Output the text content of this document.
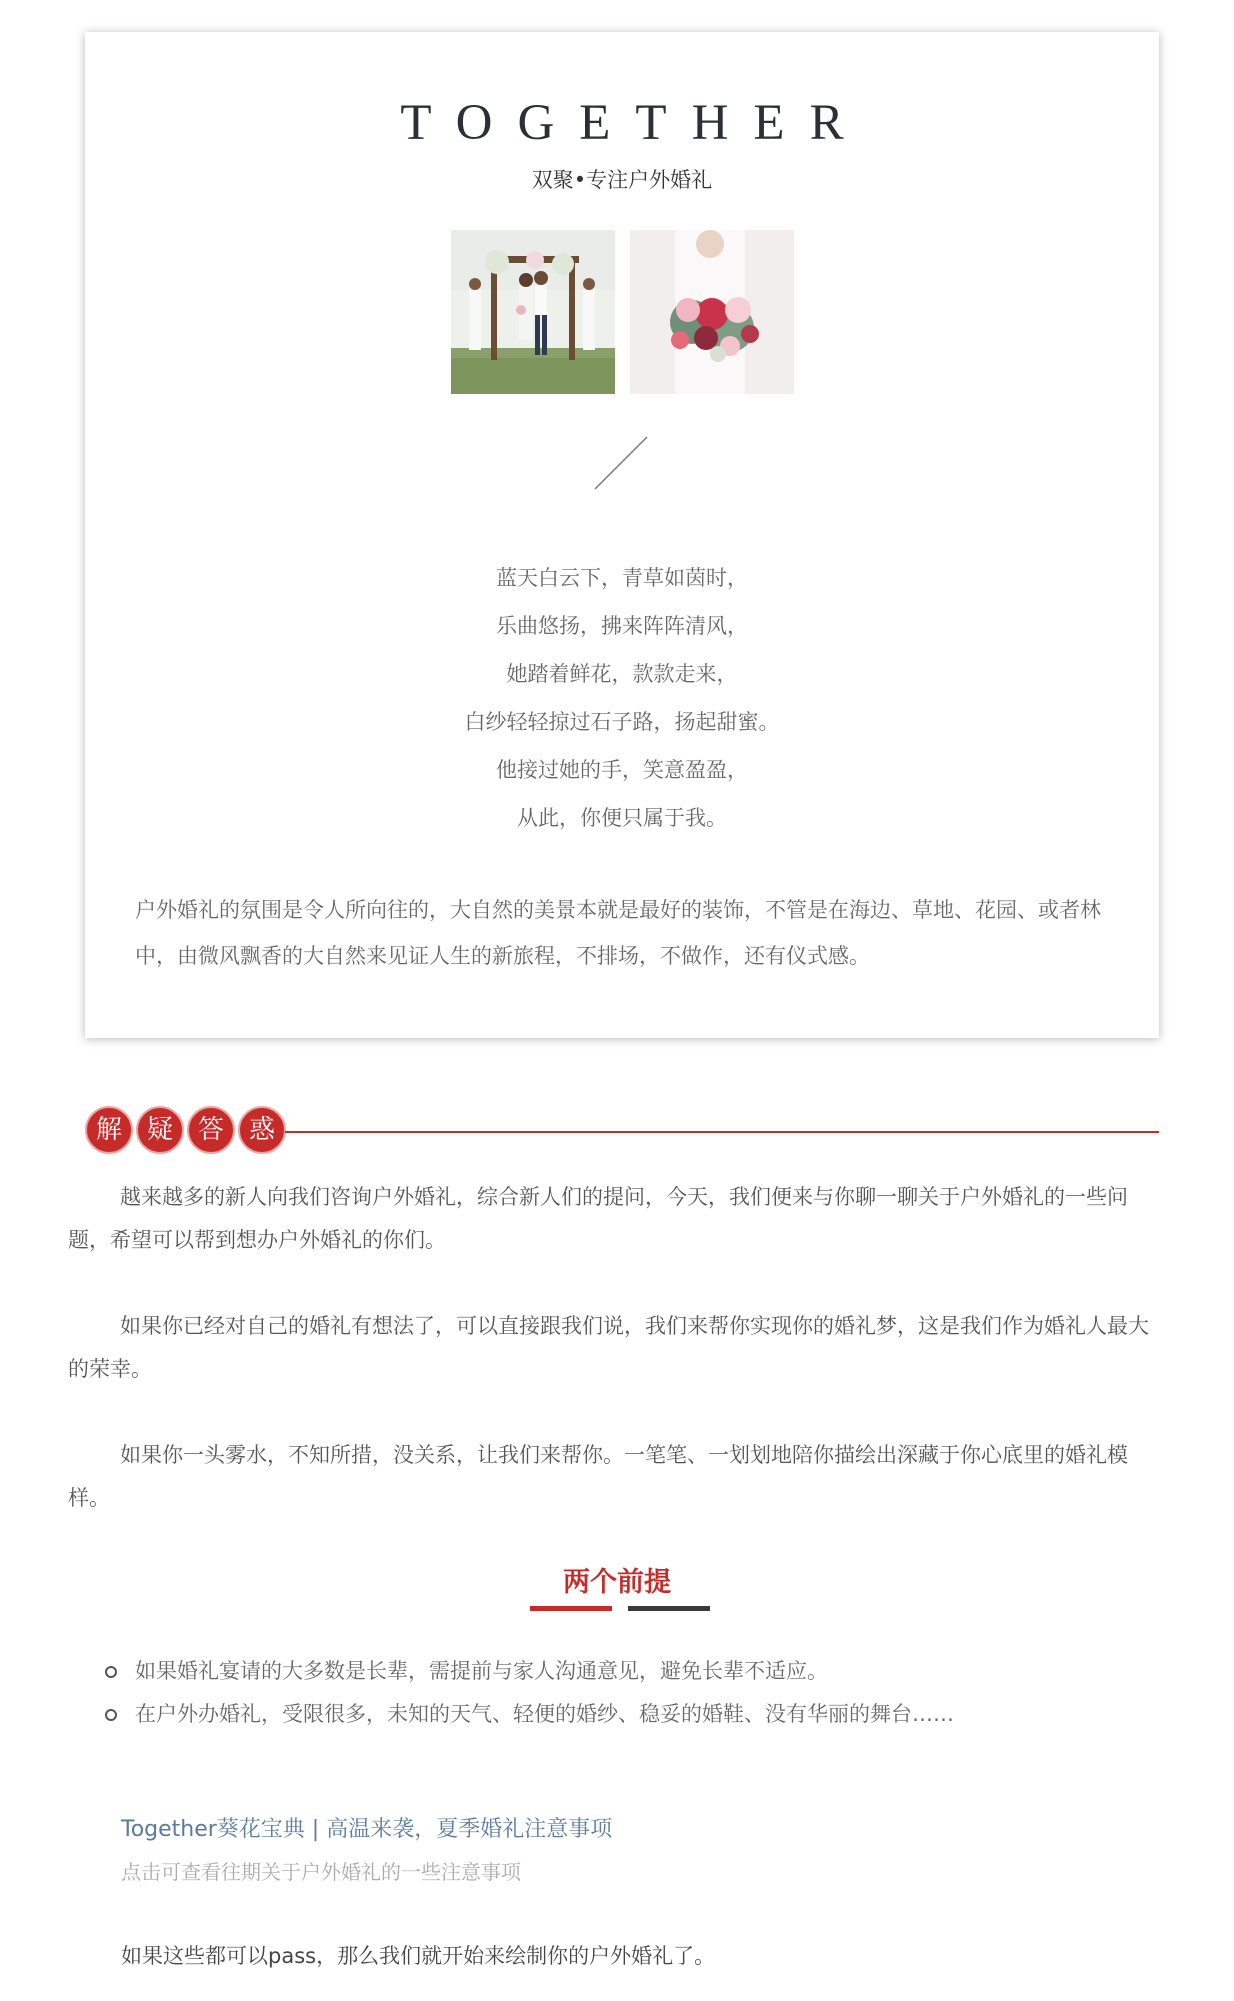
TOGETHER
双聚•专注户外婚礼
蓝天白云下，青草如茵时，
乐曲悠扬，拂来阵阵清风，
她踏着鲜花，款款走来，
白纱轻轻掠过石子路，扬起甜蜜。
他接过她的手，笑意盈盈，
从此，你便只属于我。
户外婚礼的氛围是令人所向往的，大自然的美景本就是最好的装饰，不管是在海边、草地、花园、或者林中，由微风飘香的大自然来见证人生的新旅程，不排场，不做作，还有仪式感。
解 疑 答 惑
越来越多的新人向我们咨询户外婚礼，综合新人们的提问，今天，我们便来与你聊一聊关于户外婚礼的一些问题，希望可以帮到想办户外婚礼的你们。
如果你已经对自己的婚礼有想法了，可以直接跟我们说，我们来帮你实现你的婚礼梦，这是我们作为婚礼人最大的荣幸。
如果你一头雾水，不知所措，没关系，让我们来帮你。一笔笔、一划划地陪你描绘出深藏于你心底里的婚礼模样。
两个前提
如果婚礼宴请的大多数是长辈，需提前与家人沟通意见，避免长辈不适应。
在户外办婚礼，受限很多，未知的天气、轻便的婚纱、稳妥的婚鞋、没有华丽的舞台……
Together葵花宝典 | 高温来袭，夏季婚礼注意事项
点击可查看往期关于户外婚礼的一些注意事项
如果这些都可以pass，那么我们就开始来绘制你的户外婚礼了。
